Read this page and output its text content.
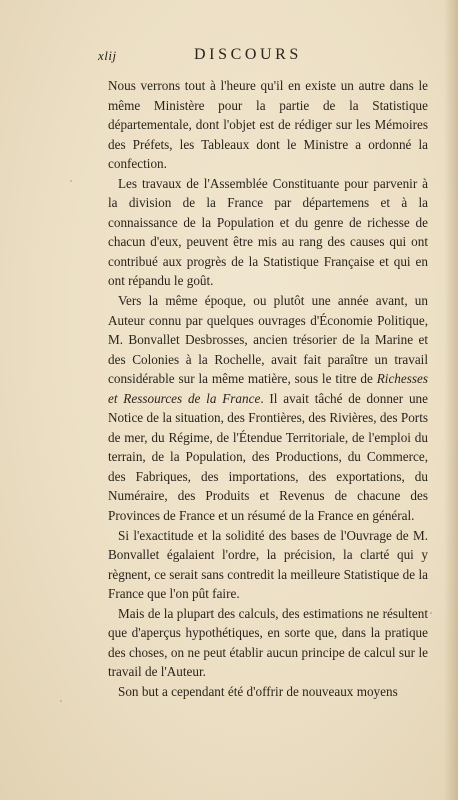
xlij	DISCOURS

Nous verrons tout à l'heure qu'il en existe un autre dans le même Ministère pour la partie de la Statistique départementale, dont l'objet est de rédiger sur les Mémoires des Préfets, les Tableaux dont le Ministre a ordonné la confection.

Les travaux de l'Assemblée Constituante pour parvenir à la division de la France par départemens et à la connaissance de la Population et du genre de richesse de chacun d'eux, peuvent être mis au rang des causes qui ont contribué aux progrès de la Statistique Française et qui en ont répandu le goût.

Vers la même époque, ou plutôt une année avant, un Auteur connu par quelques ouvrages d'Économie Politique, M. Bonvallet Desbrosses, ancien trésorier de la Marine et des Colonies à la Rochelle, avait fait paraître un travail considérable sur la même matière, sous le titre de Richesses et Ressources de la France. Il avait tâché de donner une Notice de la situation, des Frontières, des Rivières, des Ports de mer, du Régime, de l'Étendue Territoriale, de l'emploi du terrain, de la Population, des Productions, du Commerce, des Fabriques, des importations, des exportations, du Numéraire, des Produits et Revenus de chacune des Provinces de France et un résumé de la France en général.

Si l'exactitude et la solidité des bases de l'Ouvrage de M. Bonvallet égalaient l'ordre, la précision, la clarté qui y règnent, ce serait sans contredit la meilleure Statistique de la France que l'on pût faire.

Mais de la plupart des calculs, des estimations ne résultent que d'aperçus hypothétiques, en sorte que, dans la pratique des choses, on ne peut établir aucun principe de calcul sur le travail de l'Auteur.

Son but a cependant été d'offrir de nouveaux moyens
